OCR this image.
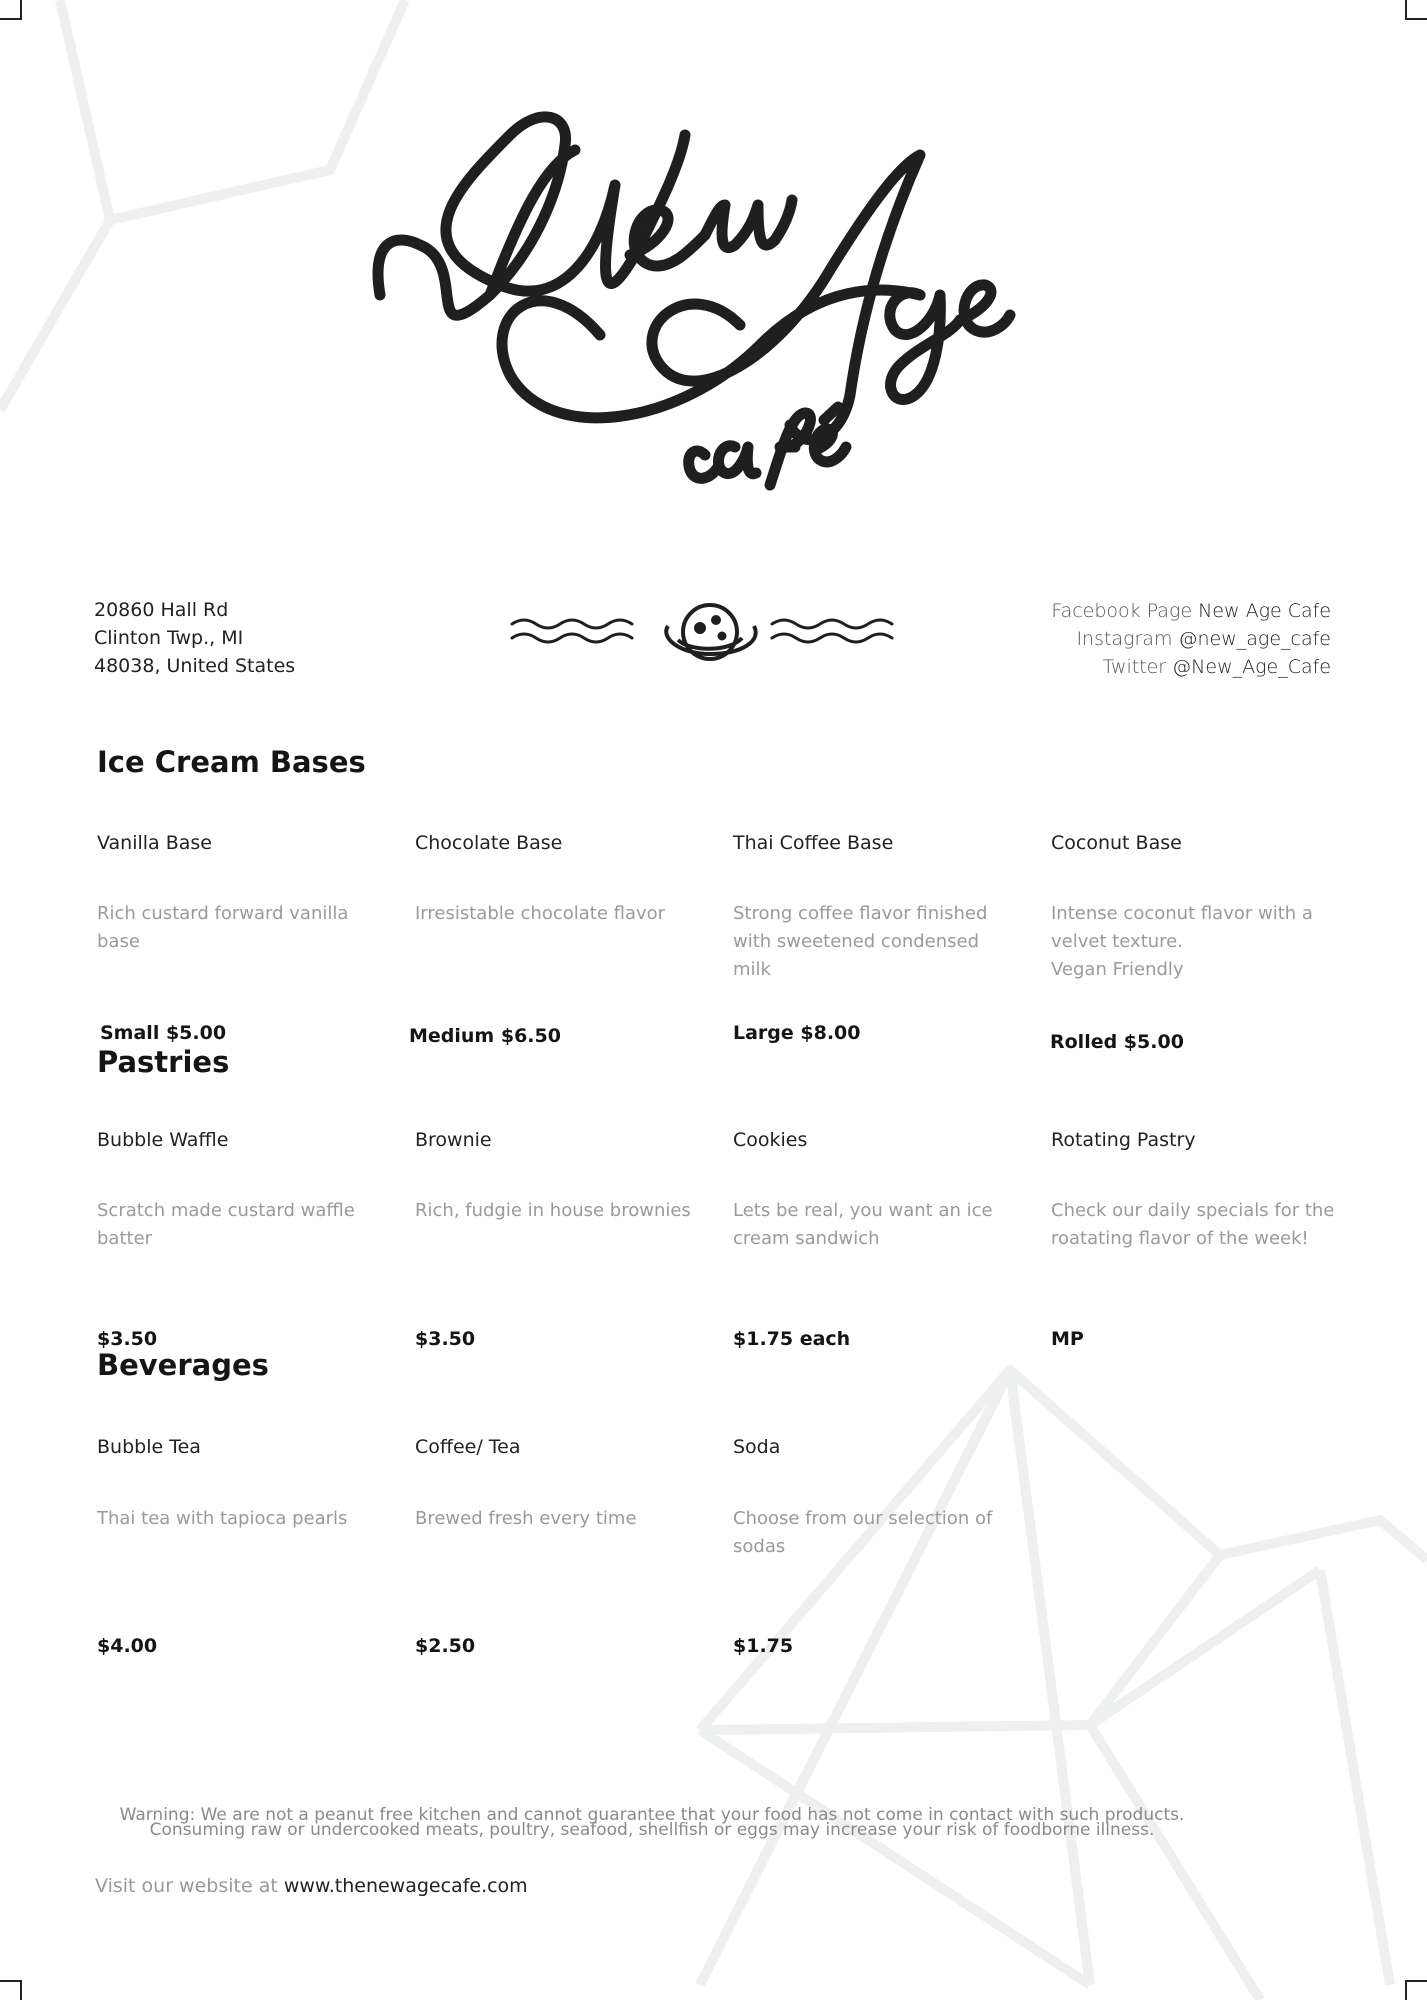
20860 Hall Rd
Clinton Twp., MI
48038, United States
Facebook Page New Age Cafe
Instagram @new_age_cafe
Twitter @New_Age_Cafe
Ice Cream Bases
Vanilla Base
Rich custard forward vanilla base
Small $5.00
Chocolate Base
Irresistable chocolate flavor
Medium $6.50
Thai Coffee Base
Strong coffee flavor finished with sweetened condensed milk
Large $8.00
Coconut Base
Intense coconut flavor with a velvet texture.
Vegan Friendly
Rolled $5.00
Pastries
Bubble Waffle
Scratch made custard waffle batter
$3.50
Brownie
Rich, fudgie in house brownies
$3.50
Cookies
Lets be real, you want an ice cream sandwich
$1.75 each
Rotating Pastry
Check our daily specials for the roatating flavor of the week!
MP
Beverages
Bubble Tea
Thai tea with tapioca pearls
$4.00
Coffee/ Tea
Brewed fresh every time
$2.50
Soda
Choose from our selection of sodas
$1.75
Warning: We are not a peanut free kitchen and cannot guarantee that your food has not come in contact with such products.
Consuming raw or undercooked meats, poultry, seafood, shellfish or eggs may increase your risk of foodborne illness.
Visit our website at www.thenewagecafe.com
